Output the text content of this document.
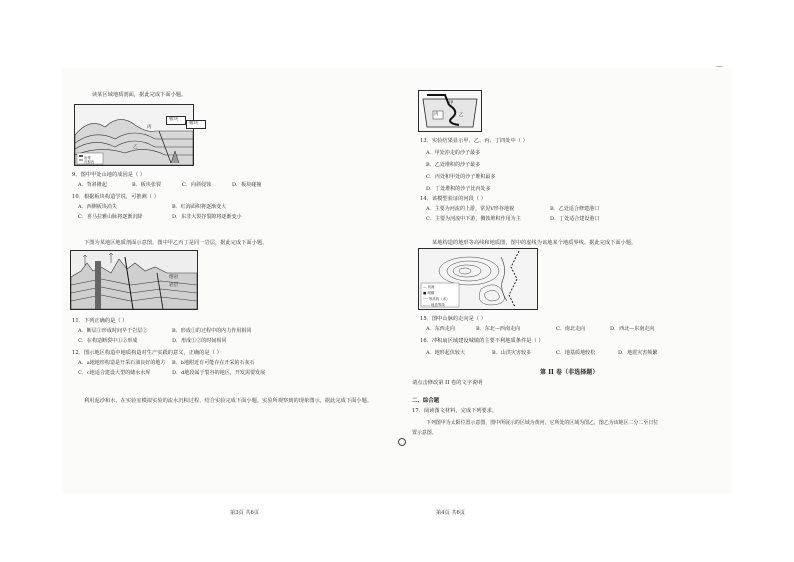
读某区域地质剖面，据此完成下面小题。
丙
乙
岩浆
沉积岩
板块
板块
9．图中甲处山地的成因是（ ）
A．背斜隆起	B．板块张裂	C．向斜侵蚀	D．板块碰撞
10．根据板块构造学说，可推测（ ）
A．西侧板块消失	B．红海面积将逐渐变大
C．喜马拉雅山脉将逐渐沉降	D．东非大裂谷裂隙将逐渐变小
下图为某地区地质剖面示意图，图中甲乙丙丁是同一岩层，据此完成下面小题。
熔岩
岩层
11．下列正确的是（ ）
A．断层①形成时间早于岩层②	B．形成②的过程中的内力作用相同
C．在构造断裂中①②形成	D．形成①②的时间相同
12．图示地区构造中地质构造对生产实践的意义，正确的是（ ）
A．a地地形构造是开采石油良好的地方 B．b地附近有可能存在开采的石灰石
C．c地适合建设大型的储水水库	D．d地段属于裂谷的地区，开发需要发展
利用泥沙和水，在实验室模拟实验的流水沉积过程，结合实验完成下面小题。实验所观察到的现象图示，据此完成下面小题。
第3页 共6页
丙	乙
甲
13．实验结果显示甲、乙、丙、丁四处中（ ）
A．甲处冲走的沙子最多
B．乙处堆积的沙子最多
C．丙处和甲处的沙子堆积最多
D．丁处堆积的沙子比丙处多
14．该模型验证的河段（ ）
A．主要为河流的上游，常见V形谷地貌	B．乙处适合修建港口
C．主要为河流中下游，侧蚀堆积作用为主	D．丁处适合建设港口
某地构造的地形等高线和地质图，图中的虚线为该地某个地质界线。据此完成下面小题。
— 河流
■ 城镇
---- 等高线（米）
—— 地质界线
15．图中山脉的走向是（ ）
A．东西走向	B．东北—西南走向	C．南北走向	D．西北—东南走向
16．冲积扇区域建设城镇的主要不利地质条件是（ ）
A．地形起伏较大	B．山洪灾害较多	C．地基质地较松	D．地震灾害频繁
第 II 卷（非选择题）
请点击修改第 II 卷的文字说明
二、综合题
17．阅读图文材料，完成下列要求。
下列图甲为太阳位置示意图，图中所展示的区域为黄河，它所处的区域为图乙，图乙为该地区二分二至日位
置示意图。
第4页 共6页
—
